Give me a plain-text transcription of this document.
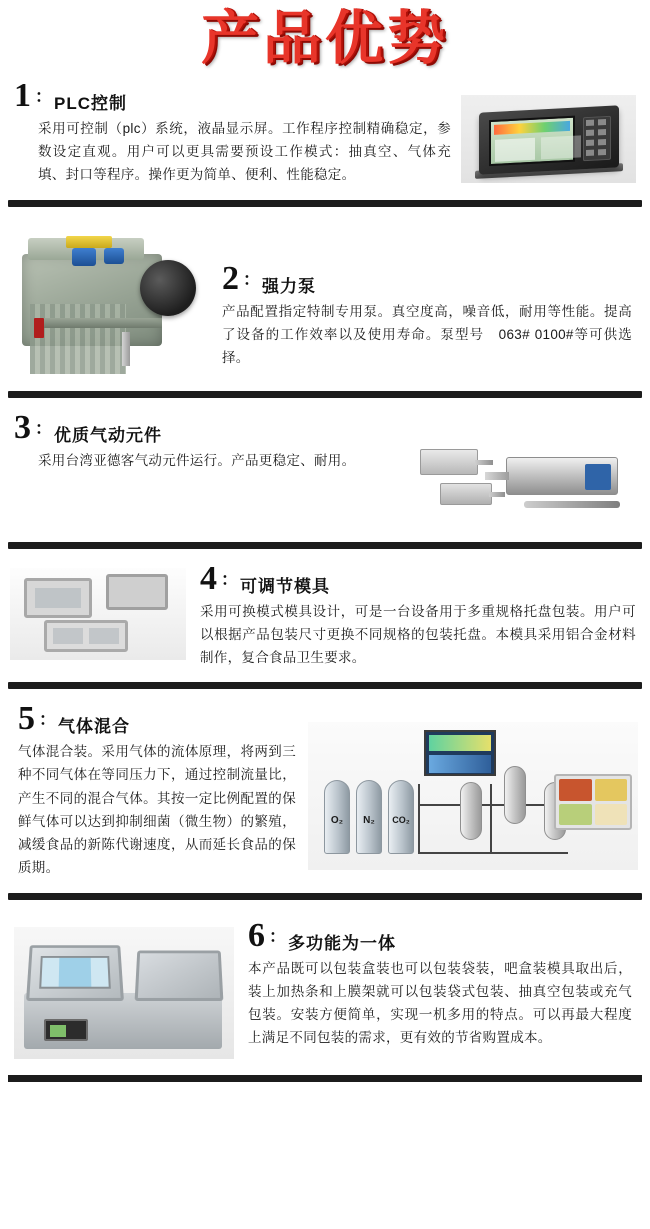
产品优势
1 ： PLC控制
采用可控制（plc）系统，液晶显示屏。工作程序控制精确稳定，参数设定直观。用户可以更具需要预设工作模式：抽真空、气体充填、封口等程序。操作更为简单、便利、性能稳定。
2 ： 强力泵
产品配置指定特制专用泵。真空度高，噪音低，耐用等性能。提高了设备的工作效率以及使用寿命。泵型号　063# 0100#等可供选择。
3 ： 优质气动元件
采用台湾亚德客气动元件运行。产品更稳定、耐用。
4 ： 可调节模具
采用可换模式模具设计，可是一台设备用于多重规格托盘包装。用户可以根据产品包装尺寸更换不同规格的包装托盘。本模具采用铝合金材料制作，复合食品卫生要求。
5 ： 气体混合
气体混合装。采用气体的流体原理，将两到三种不同气体在等同压力下，通过控制流量比，产生不同的混合气体。其按一定比例配置的保鲜气体可以达到抑制细菌（微生物）的繁殖，减缓食品的新陈代谢速度，从而延长食品的保质期。
O₂	N₂	CO₂
6 ： 多功能为一体
本产品既可以包装盒装也可以包装袋装，吧盒装模具取出后，装上加热条和上膜架就可以包装袋式包装、抽真空包装或充气包装。安装方便简单，实现一机多用的特点。可以再最大程度上满足不同包装的需求，更有效的节省购置成本。
